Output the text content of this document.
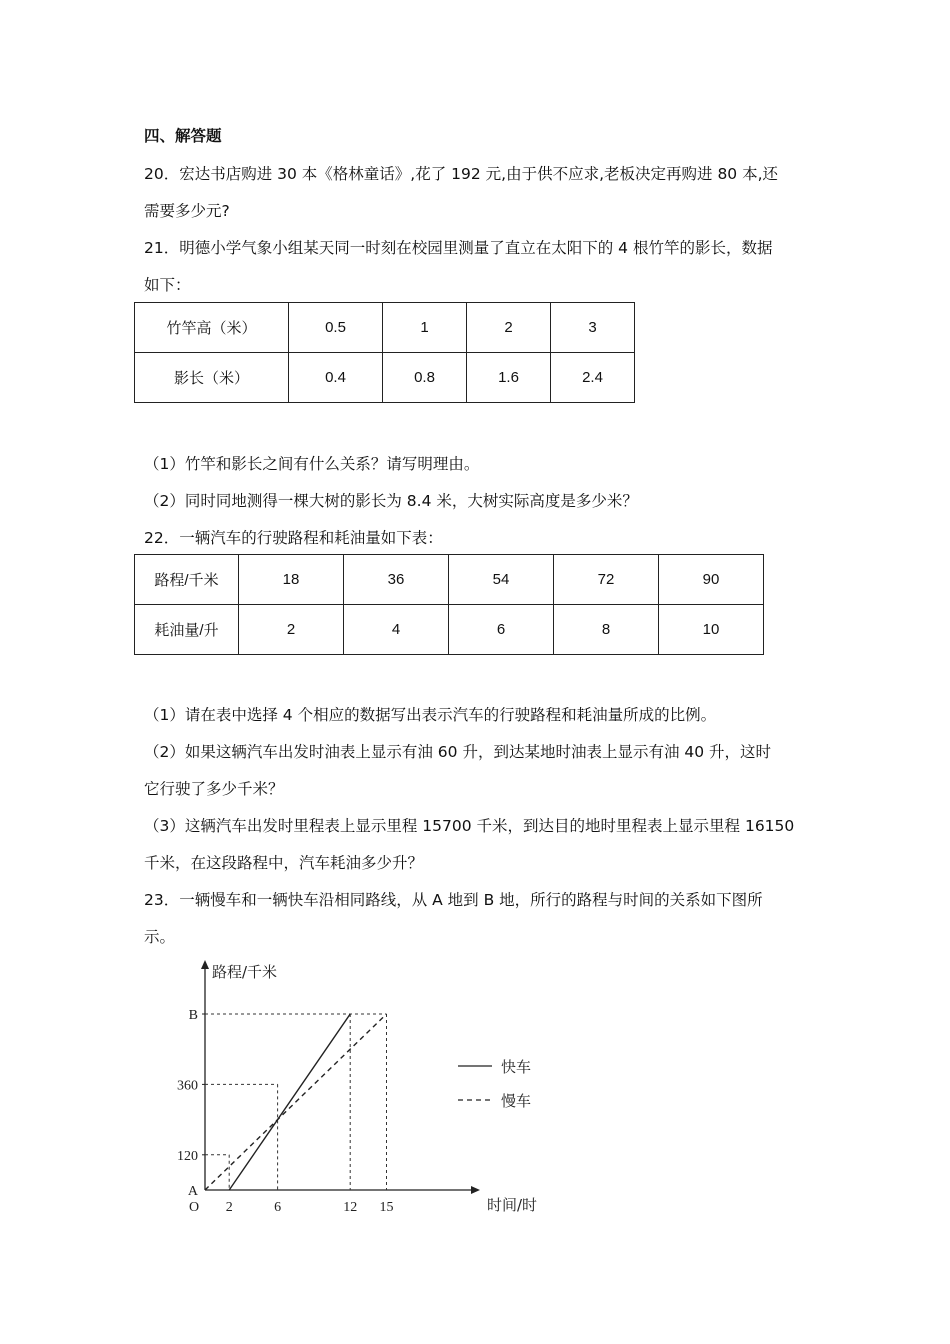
四、解答题
20．宏达书店购进 30 本《格林童话》,花了 192 元,由于供不应求,老板决定再购进 80 本,还
需要多少元?
21．明德小学气象小组某天同一时刻在校园里测量了直立在太阳下的 4 根竹竿的影长，数据
如下：
竹竿高（米）	0.5	1	2	3
影长（米）	0.4	0.8	1.6	2.4
（1）竹竿和影长之间有什么关系？请写明理由。
（2）同时同地测得一棵大树的影长为 8.4 米，大树实际高度是多少米？
22．一辆汽车的行驶路程和耗油量如下表：
路程/千米	18	36	54	72	90
耗油量/升	2	4	6	8	10
（1）请在表中选择 4 个相应的数据写出表示汽车的行驶路程和耗油量所成的比例。
（2）如果这辆汽车出发时油表上显示有油 60 升，到达某地时油表上显示有油 40 升，这时
它行驶了多少千米？
（3）这辆汽车出发时里程表上显示里程 15700 千米，到达目的地时里程表上显示里程 16150
千米，在这段路程中，汽车耗油多少升？
23．一辆慢车和一辆快车沿相同路线，从 A 地到 B 地，所行的路程与时间的关系如下图所
示。
路程/千米
时间/时
O
A
120
360
B
2	6	12 15
快车
慢车
